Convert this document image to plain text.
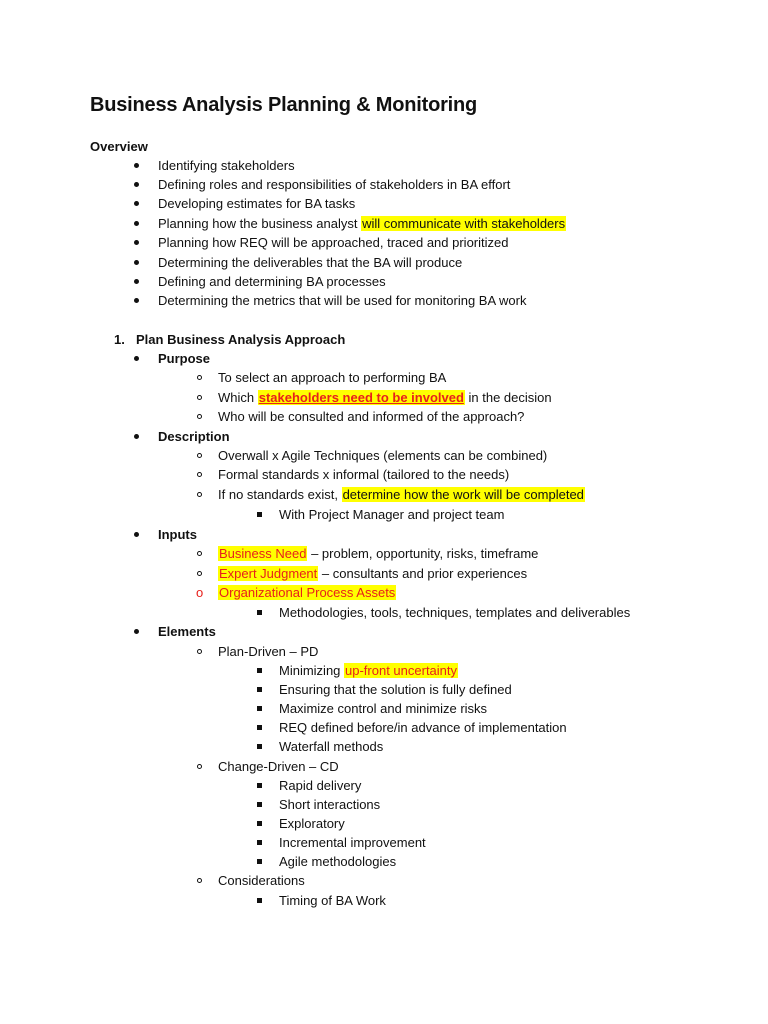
Business Analysis Planning & Monitoring
Overview
Identifying stakeholders
Defining roles and responsibilities of stakeholders in BA effort
Developing estimates for BA tasks
Planning how the business analyst will communicate with stakeholders
Planning how REQ will be approached, traced and prioritized
Determining the deliverables that the BA will produce
Defining and determining BA processes
Determining the metrics that will be used for monitoring BA work
1. Plan Business Analysis Approach
Purpose
To select an approach to performing BA
Which stakeholders need to be involved in the decision
Who will be consulted and informed of the approach?
Description
Overwall x Agile Techniques (elements can be combined)
Formal standards x informal (tailored to the needs)
If no standards exist, determine how the work will be completed
With Project Manager and project team
Inputs
Business Need – problem, opportunity, risks, timeframe
Expert Judgment – consultants and prior experiences
o Organizational Process Assets
Methodologies, tools, techniques, templates and deliverables
Elements
Plan-Driven – PD
Minimizing up-front uncertainty
Ensuring that the solution is fully defined
Maximize control and minimize risks
REQ defined before/in advance of implementation
Waterfall methods
Change-Driven – CD
Rapid delivery
Short interactions
Exploratory
Incremental improvement
Agile methodologies
Considerations
Timing of BA Work
